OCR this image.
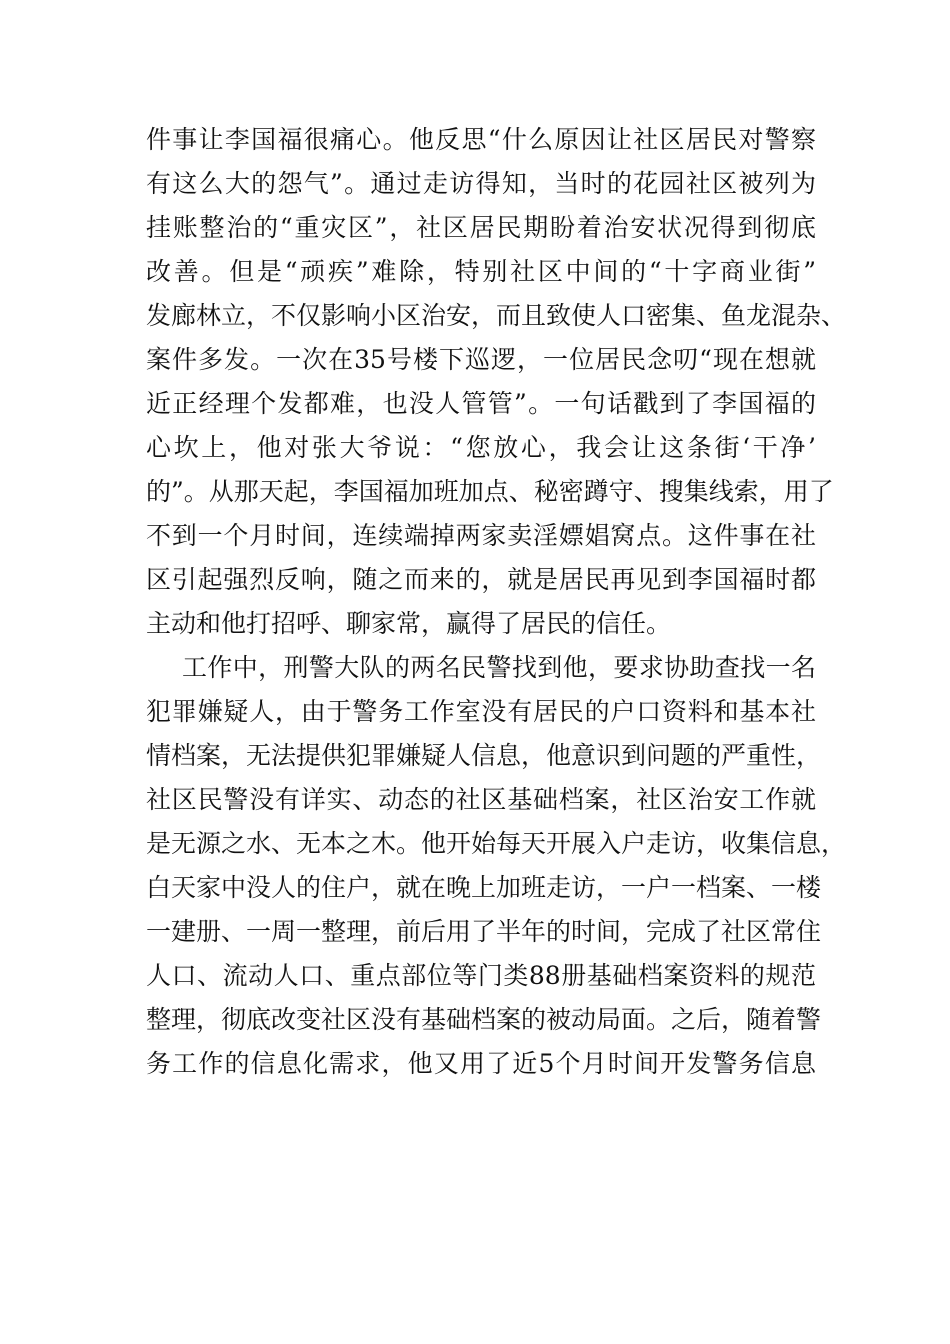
件事让李国福很痛心。他反思“什么原因让社区居民对警察
有这么大的怨气”。通过走访得知，当时的花园社区被列为
挂账整治的“重灾区”，社区居民期盼着治安状况得到彻底
改善。但是“顽疾”难除，特别社区中间的“十字商业街”
发廊林立，不仅影响小区治安，而且致使人口密集、鱼龙混杂、
案件多发。一次在35号楼下巡逻，一位居民念叨“现在想就
近正经理个发都难，也没人管管”。一句话戳到了李国福的
心坎上，他对张大爷说：“您放心，我会让这条街‘干净’
的”。从那天起，李国福加班加点、秘密蹲守、搜集线索，用了
不到一个月时间，连续端掉两家卖淫嫖娼窝点。这件事在社
区引起强烈反响，随之而来的，就是居民再见到李国福时都
主动和他打招呼、聊家常，赢得了居民的信任。
工作中，刑警大队的两名民警找到他，要求协助查找一名
犯罪嫌疑人，由于警务工作室没有居民的户口资料和基本社
情档案，无法提供犯罪嫌疑人信息，他意识到问题的严重性，
社区民警没有详实、动态的社区基础档案，社区治安工作就
是无源之水、无本之木。他开始每天开展入户走访，收集信息，
白天家中没人的住户，就在晚上加班走访，一户一档案、一楼
一建册、一周一整理，前后用了半年的时间，完成了社区常住
人口、流动人口、重点部位等门类88册基础档案资料的规范
整理，彻底改变社区没有基础档案的被动局面。之后，随着警
务工作的信息化需求，他又用了近5个月时间开发警务信息
